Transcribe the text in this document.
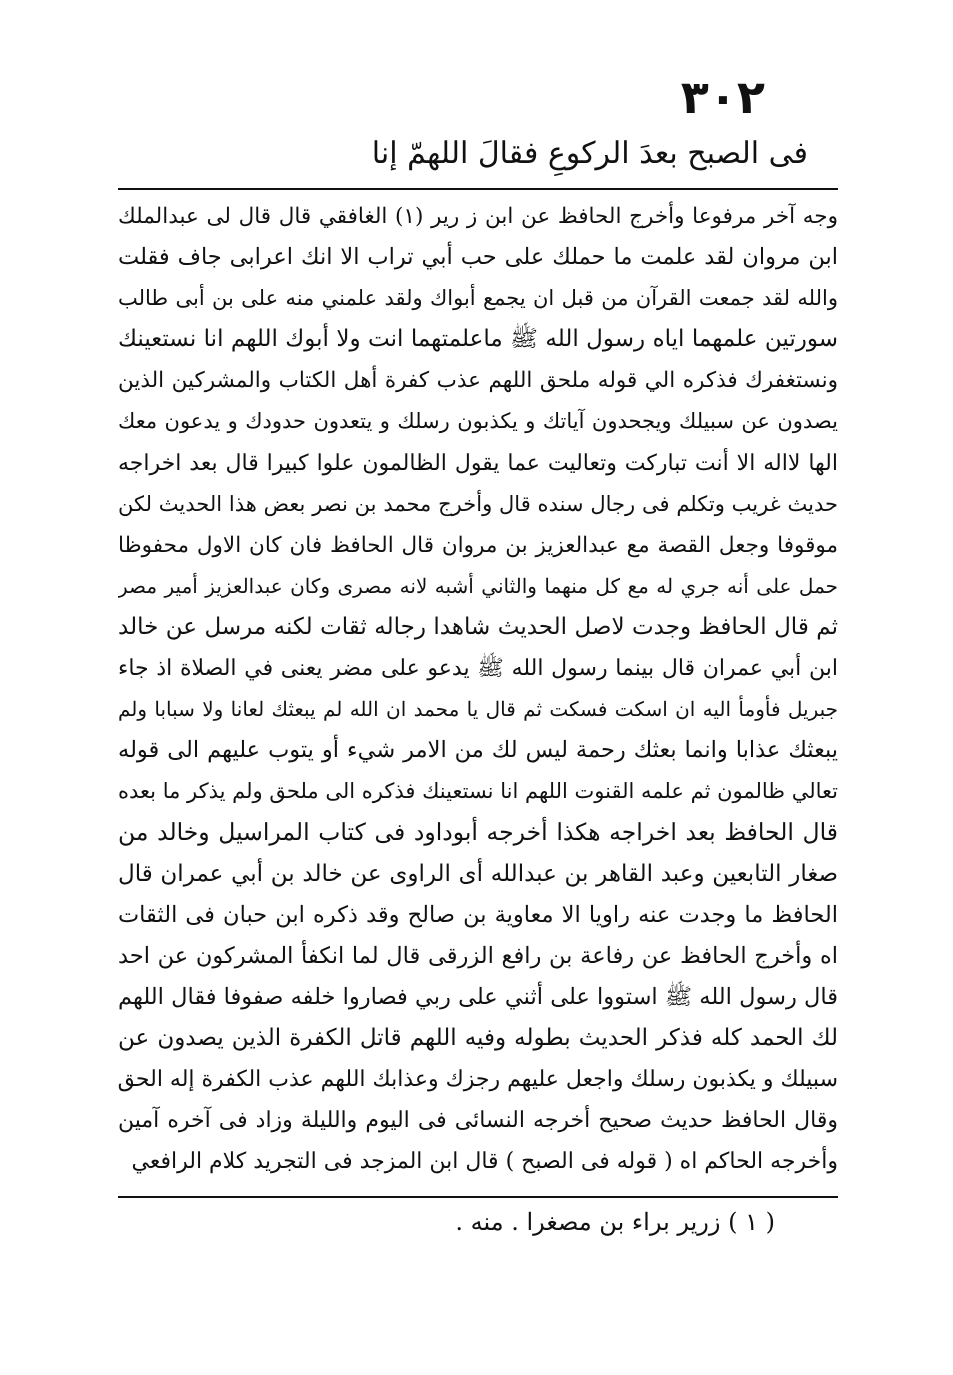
٣٠٢
فى الصبح بعدَ الركوعِ فقالَ اللهمّ إنا
وجه آخر مرفوعا وأخرج الحافظ عن ابن ز رير (١) الغافقي قال قال لى عبدالملك
ابن مروان لقد علمت ما حملك على حب أبي تراب الا انك اعرابى جاف فقلت
والله لقد جمعت القرآن من قبل ان يجمع أبواك ولقد علمني منه على بن أبى طالب
سورتين علمهما اياه رسول الله ﷺ ماعلمتهما انت ولا أبوك اللهم انا نستعينك
ونستغفرك فذكره الي قوله ملحق اللهم عذب كفرة أهل الكتاب والمشركين الذين
يصدون عن سبيلك ويجحدون آياتك و يكذبون رسلك و يتعدون حدودك و يدعون معك
الها لااله الا أنت تباركت وتعاليت عما يقول الظالمون علوا كبيرا قال بعد اخراجه
حديث غريب وتكلم فى رجال سنده قال وأخرج محمد بن نصر بعض هذا الحديث لكن
موقوفا وجعل القصة مع عبدالعزيز بن مروان قال الحافظ فان كان الاول محفوظا
حمل على أنه جري له مع كل منهما والثاني أشبه لانه مصرى وكان عبدالعزيز أمير مصر
ثم قال الحافظ وجدت لاصل الحديث شاهدا رجاله ثقات لكنه مرسل عن خالد
ابن أبي عمران قال بينما رسول الله ﷺ يدعو على مضر يعنى في الصلاة اذ جاء
جبريل فأومأ اليه ان اسكت فسكت ثم قال يا محمد ان الله لم يبعثك لعانا ولا سبابا ولم
يبعثك عذابا وانما بعثك رحمة ليس لك من الامر شيء أو يتوب عليهم الى قوله
تعالي ظالمون ثم علمه القنوت اللهم انا نستعينك فذكره الى ملحق ولم يذكر ما بعده
قال الحافظ بعد اخراجه هكذا أخرجه أبوداود فى كتاب المراسيل وخالد من
صغار التابعين وعبد القاهر بن عبدالله أى الراوى عن خالد بن أبي عمران قال
الحافظ ما وجدت عنه راويا الا معاوية بن صالح وقد ذكره ابن حبان فى الثقات
اه وأخرج الحافظ عن رفاعة بن رافع الزرقى قال لما انكفأ المشركون عن احد
قال رسول الله ﷺ استووا على أثني على ربي فصاروا خلفه صفوفا فقال اللهم
لك الحمد كله فذكر الحديث بطوله وفيه اللهم قاتل الكفرة الذين يصدون عن
سبيلك و يكذبون رسلك واجعل عليهم رجزك وعذابك اللهم عذب الكفرة إله الحق
وقال الحافظ حديث صحيح أخرجه النسائى فى اليوم والليلة وزاد فى آخره آمين
وأخرجه الحاكم اه ( قوله فى الصبح ) قال ابن المزجد فى التجريد كلام الرافعي
( ١ ) زرير براء بن مصغرا . منه .
